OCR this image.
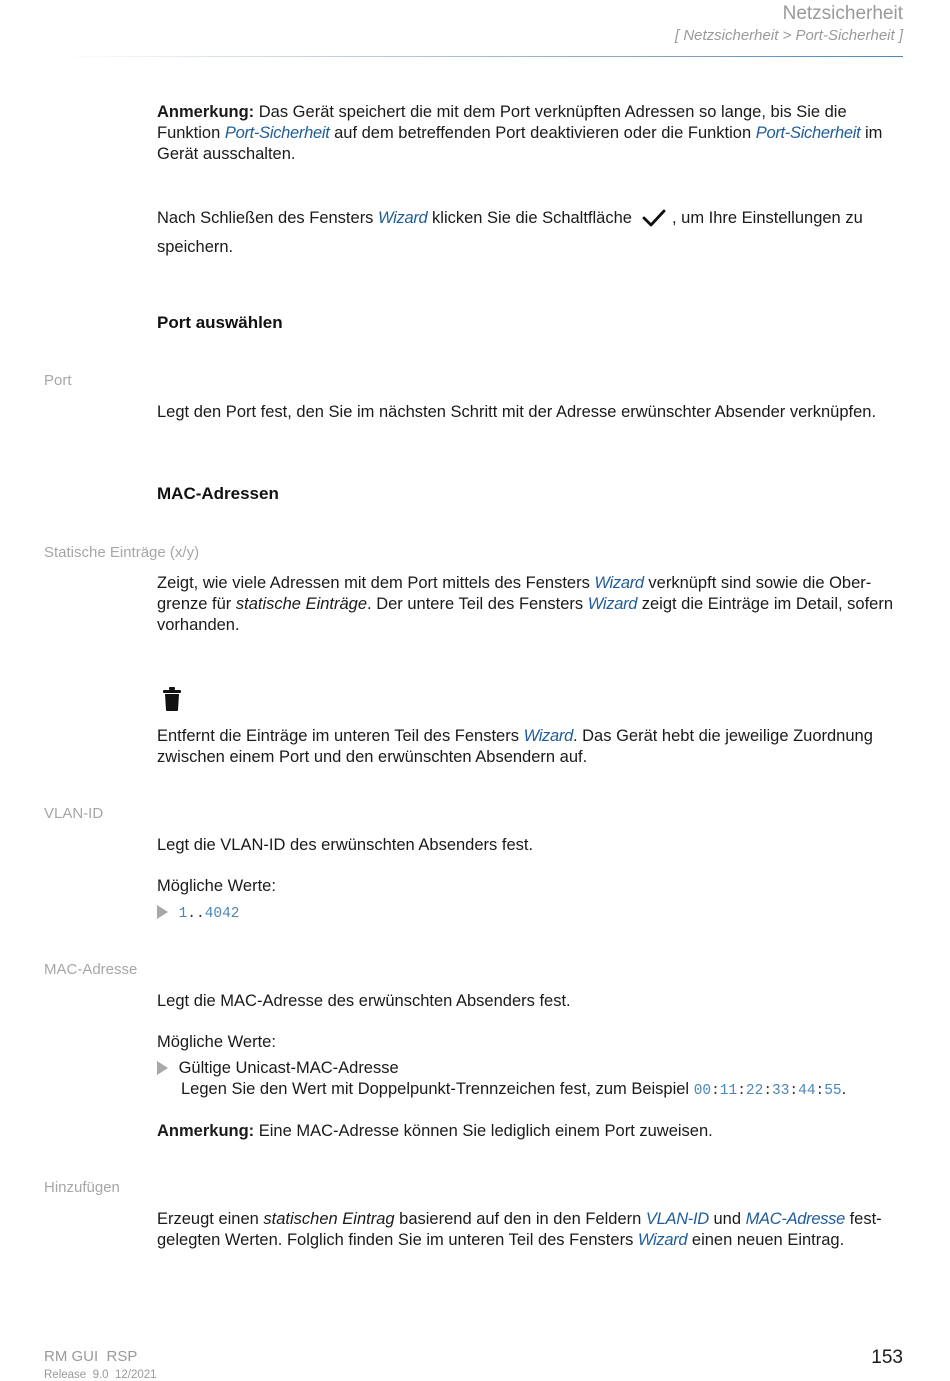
Netzsicherheit
[ Netzsicherheit > Port-Sicherheit ]
Anmerkung: Das Gerät speichert die mit dem Port verknüpften Adressen so lange, bis Sie die Funktion Port-Sicherheit auf dem betreffenden Port deaktivieren oder die Funktion Port-Sicherheit im Gerät ausschalten.
Nach Schließen des Fensters Wizard klicken Sie die Schaltfläche , um Ihre Einstellungen zu speichern.
Port auswählen
Port
Legt den Port fest, den Sie im nächsten Schritt mit der Adresse erwünschter Absender verknüpfen.
MAC-Adressen
Statische Einträge (x/y)
Zeigt, wie viele Adressen mit dem Port mittels des Fensters Wizard verknüpft sind sowie die Ober-grenze für statische Einträge. Der untere Teil des Fensters Wizard zeigt die Einträge im Detail, sofern vorhanden.
Entfernt die Einträge im unteren Teil des Fensters Wizard. Das Gerät hebt die jeweilige Zuordnung zwischen einem Port und den erwünschten Absendern auf.
VLAN-ID
Legt die VLAN-ID des erwünschten Absenders fest.
Mögliche Werte:
1..4042
MAC-Adresse
Legt die MAC-Adresse des erwünschten Absenders fest.
Mögliche Werte:
Gültige Unicast-MAC-Adresse
Legen Sie den Wert mit Doppelpunkt-Trennzeichen fest, zum Beispiel 00:11:22:33:44:55.
Anmerkung: Eine MAC-Adresse können Sie lediglich einem Port zuweisen.
Hinzufügen
Erzeugt einen statischen Eintrag basierend auf den in den Feldern VLAN-ID und MAC-Adresse fest-gelegten Werten. Folglich finden Sie im unteren Teil des Fensters Wizard einen neuen Eintrag.
RM GUI  RSP
Release  9.0  12/2021
153
